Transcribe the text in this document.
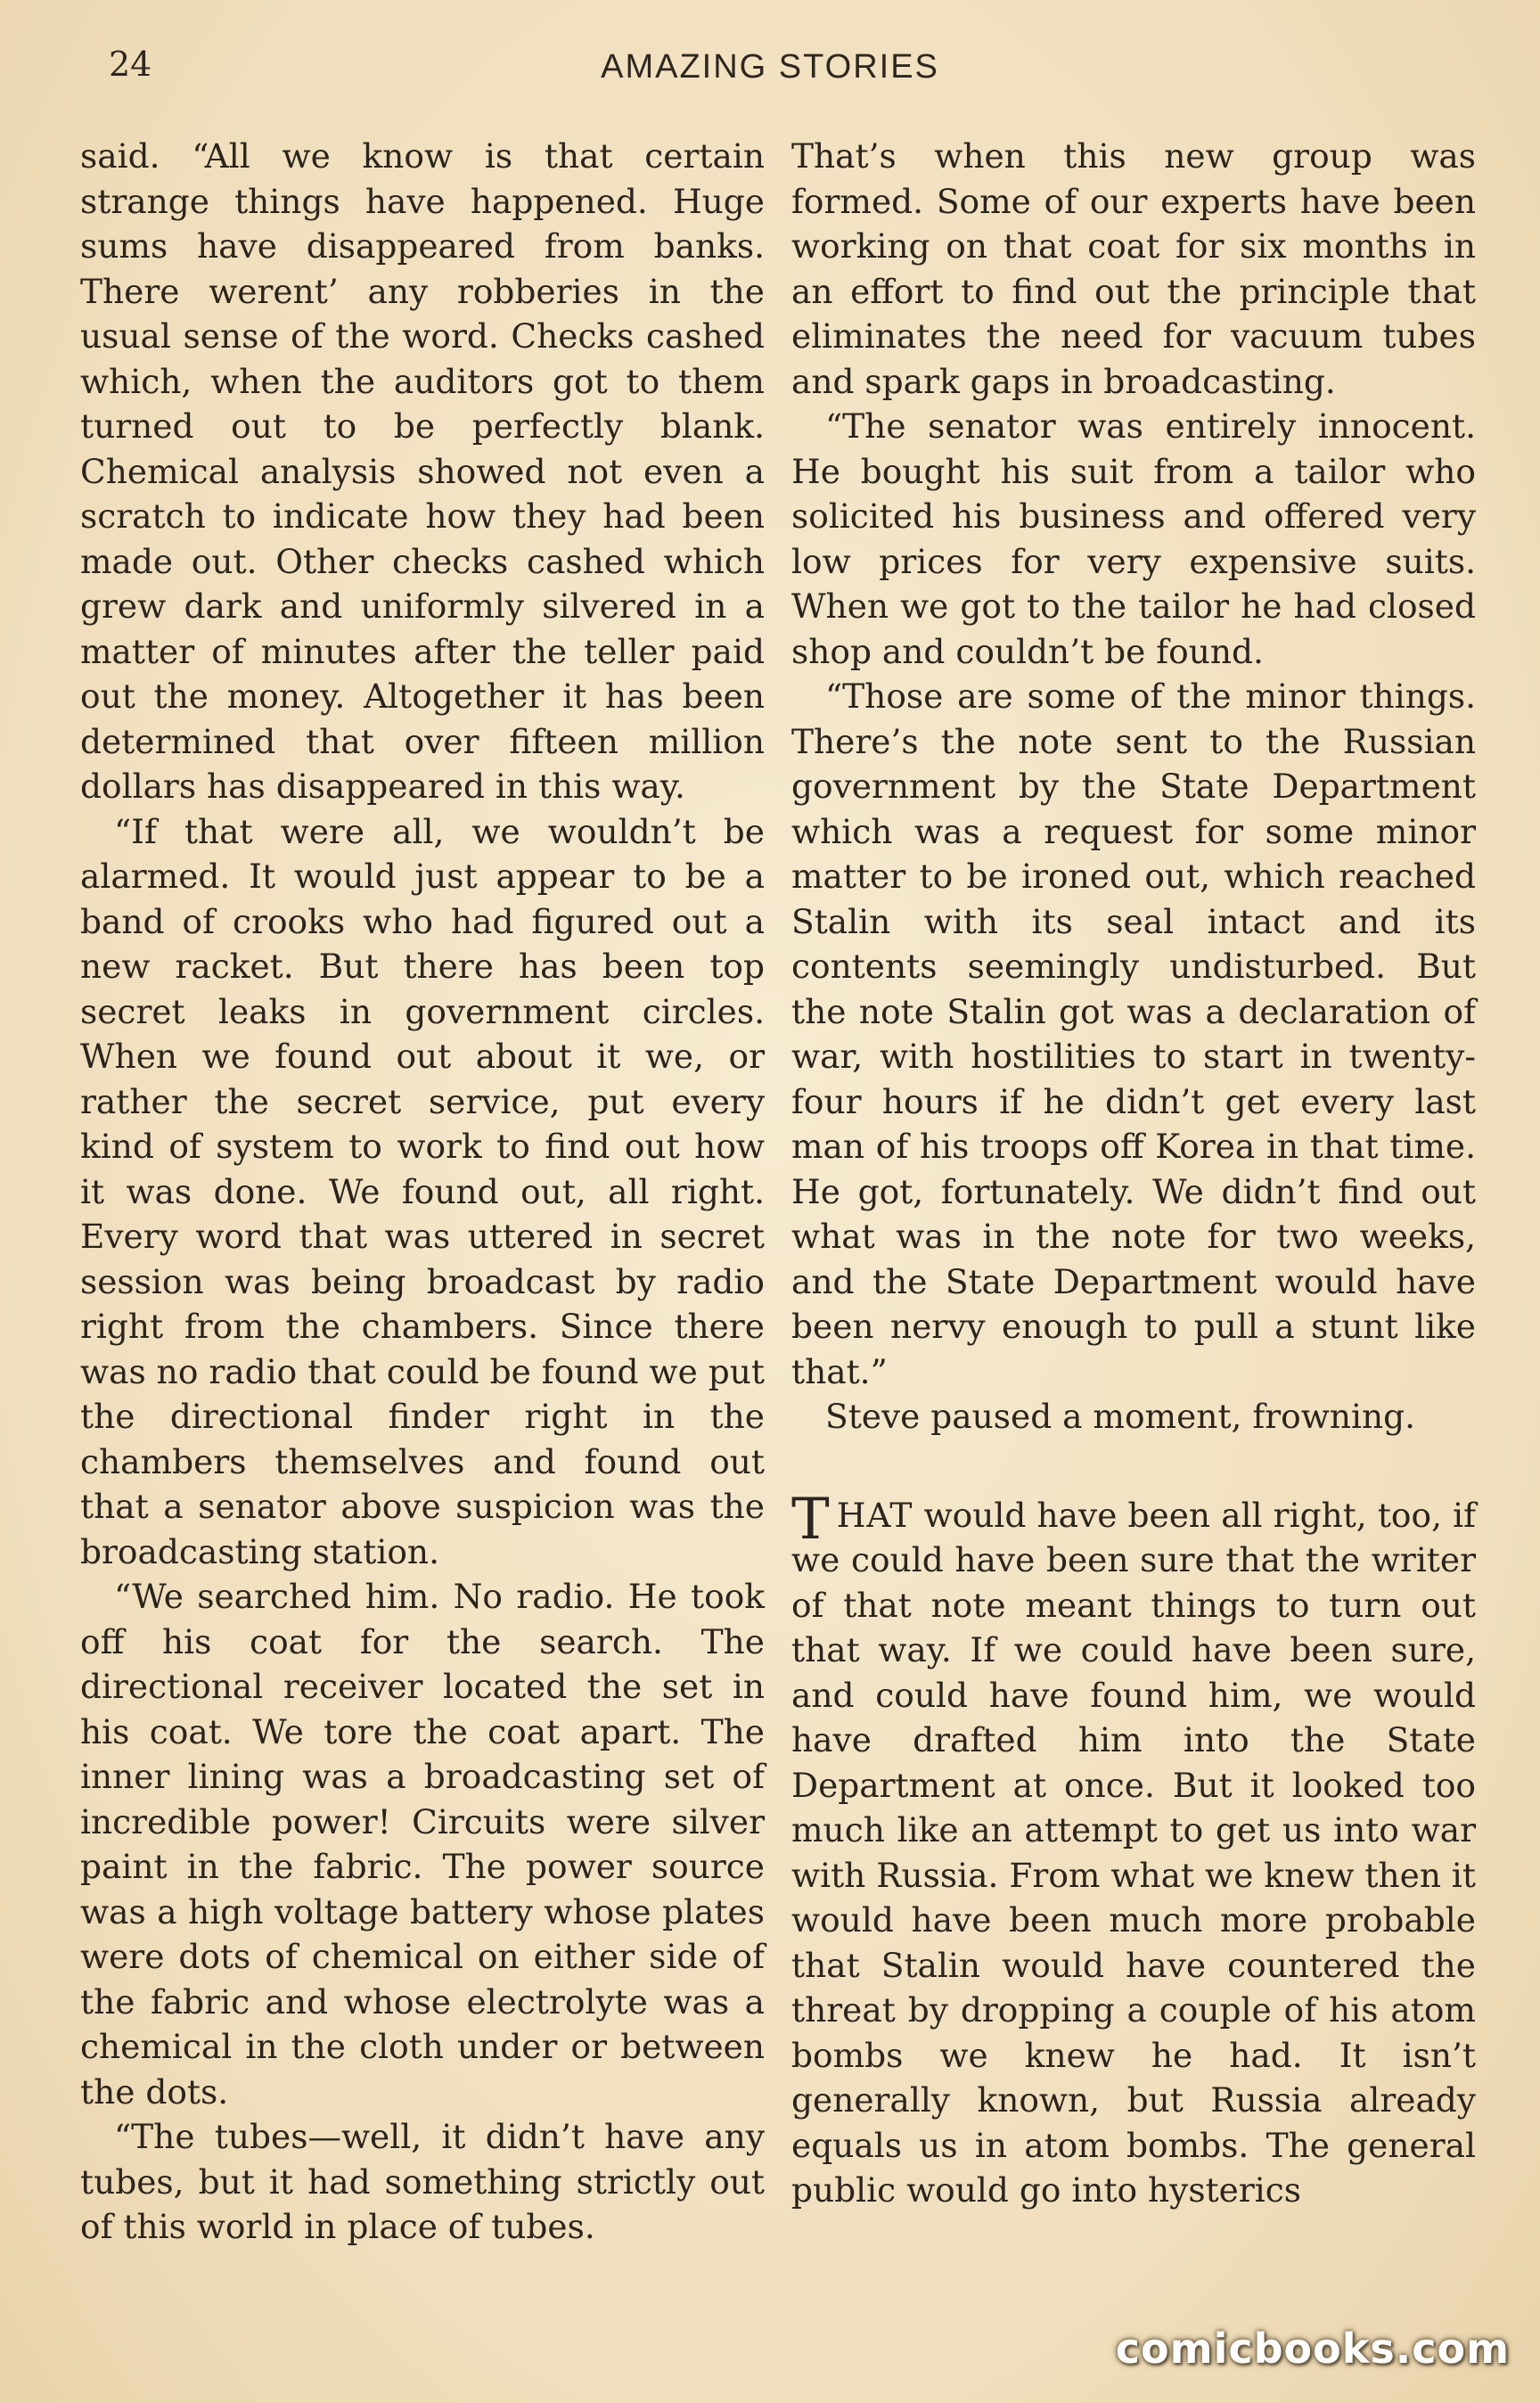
24	AMAZING STORIES

said. “All we know is that certain strange things have happened. Huge sums have disappeared from banks. There werent’ any robberies in the usual sense of the word. Checks cashed which, when the auditors got to them turned out to be perfectly blank. Chemical analysis showed not even a scratch to indicate how they had been made out. Other checks cashed which grew dark and uniformly silvered in a matter of minutes after the teller paid out the money. Altogether it has been determined that over fifteen million dollars has disappeared in this way.

“If that were all, we wouldn’t be alarmed. It would just appear to be a band of crooks who had figured out a new racket. But there has been top secret leaks in government circles. When we found out about it we, or rather the secret service, put every kind of system to work to find out how it was done. We found out, all right. Every word that was uttered in secret session was being broadcast by radio right from the chambers. Since there was no radio that could be found we put the directional finder right in the chambers themselves and found out that a senator above suspicion was the broadcasting station.

“We searched him. No radio. He took off his coat for the search. The directional receiver located the set in his coat. We tore the coat apart. The inner lining was a broadcasting set of incredible power! Circuits were silver paint in the fabric. The power source was a high voltage battery whose plates were dots of chemical on either side of the fabric and whose electrolyte was a chemical in the cloth under or between the dots.

“The tubes—well, it didn’t have any tubes, but it had something strictly out of this world in place of tubes.

That’s when this new group was formed. Some of our experts have been working on that coat for six months in an effort to find out the principle that eliminates the need for vacuum tubes and spark gaps in broadcasting.

“The senator was entirely innocent. He bought his suit from a tailor who solicited his business and offered very low prices for very expensive suits. When we got to the tailor he had closed shop and couldn’t be found.

“Those are some of the minor things. There’s the note sent to the Russian government by the State Department which was a request for some minor matter to be ironed out, which reached Stalin with its seal intact and its contents seemingly undisturbed. But the note Stalin got was a declaration of war, with hostilities to start in twenty-four hours if he didn’t get every last man of his troops off Korea in that time. He got, fortunately. We didn’t find out what was in the note for two weeks, and the State Department would have been nervy enough to pull a stunt like that.”

Steve paused a moment, frowning.

THAT would have been all right, too, if we could have been sure that the writer of that note meant things to turn out that way. If we could have been sure, and could have found him, we would have drafted him into the State Department at once. But it looked too much like an attempt to get us into war with Russia. From what we knew then it would have been much more probable that Stalin would have countered the threat by dropping a couple of his atom bombs we knew he had. It isn’t generally known, but Russia already equals us in atom bombs. The general public would go into hysterics

comicbooks.com
